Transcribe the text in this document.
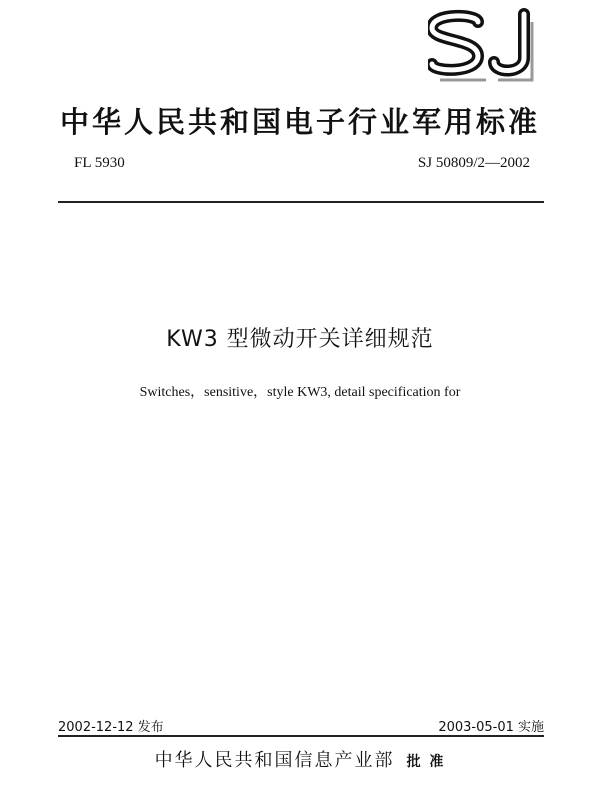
中华人民共和国电子行业军用标准
FL 5930	SJ 50809/2—2002
KW3 型微动开关详细规范
Switches，sensitive，style KW3, detail specification for
2002-12-12 发布	2003-05-01 实施
中华人民共和国信息产业部 批 准
